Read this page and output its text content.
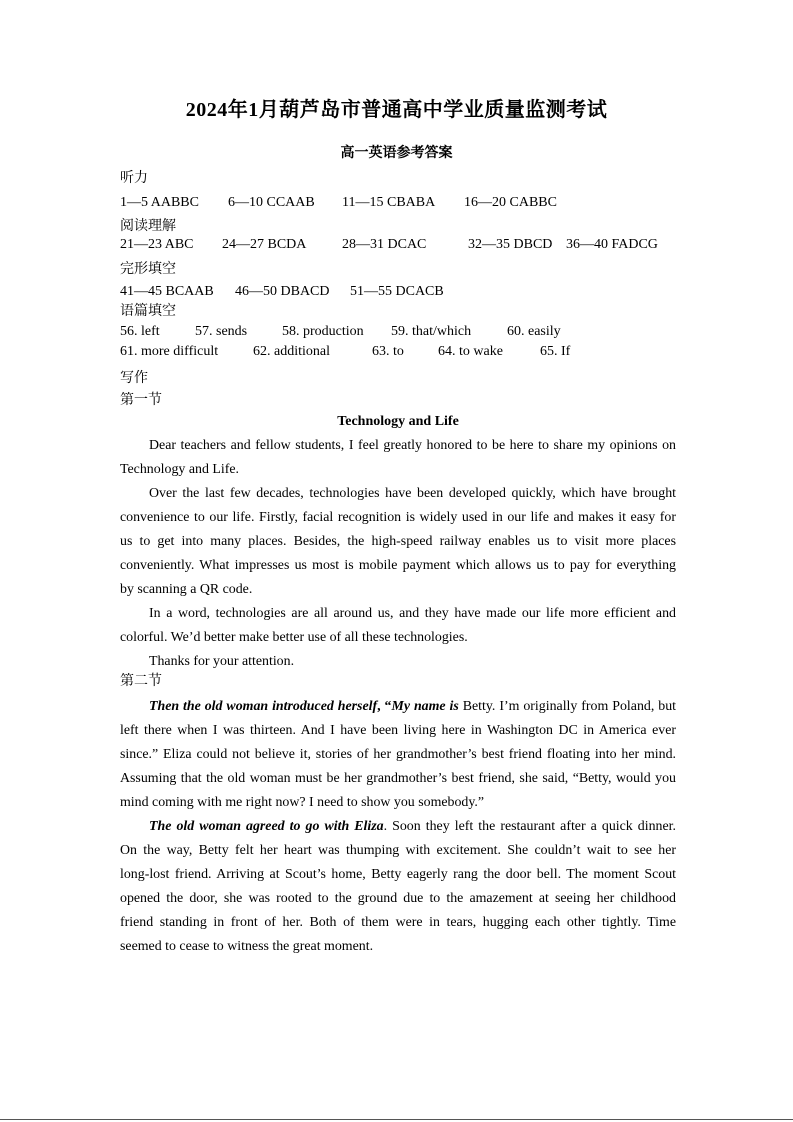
2024年1月葫芦岛市普通高中学业质量监测考试
高一英语参考答案
听力
1—5 AABBC 6—10 CCAAB 11—15 CBABA 16—20 CABBC
阅读理解
21—23 ABC 24—27 BCDA	28—31 DCAC	32—35 DBCD 36—40 FADCG
完形填空
41—45 BCAAB 46—50 DBACD 51—55 DCACB
语篇填空
56. left	57. sends 58. production 59. that/which	60. easily
61. more difficult 62. additional	63. to 64. to wake	65. If
写作
第一节
Technology and Life
Dear teachers and fellow students, I feel greatly honored to be here to share my opinions on
Technology and Life.
Over the last few decades, technologies have been developed quickly, which have brought
convenience to our life. Firstly, facial recognition is widely used in our life and makes it easy for
us to get into many places. Besides, the high-speed railway enables us to visit more places
conveniently. What impresses us most is mobile payment which allows us to pay for everything
by scanning a QR code.
In a word, technologies are all around us, and they have made our life more efficient and
colorful. We’d better make better use of all these technologies.
Thanks for your attention.
第二节
Then the old woman introduced herself, “My name is Betty. I’m originally from Poland, but
left there when I was thirteen. And I have been living here in Washington DC in America ever
since.” Eliza could not believe it, stories of her grandmother’s best friend floating into her mind.
Assuming that the old woman must be her grandmother’s best friend, she said, “Betty, would you
mind coming with me right now? I need to show you somebody.”
The old woman agreed to go with Eliza. Soon they left the restaurant after a quick dinner.
On the way, Betty felt her heart was thumping with excitement. She couldn’t wait to see her
long-lost friend. Arriving at Scout’s home, Betty eagerly rang the door bell. The moment Scout
opened the door, she was rooted to the ground due to the amazement at seeing her childhood
friend standing in front of her. Both of them were in tears, hugging each other tightly. Time
seemed to cease to witness the great moment.
